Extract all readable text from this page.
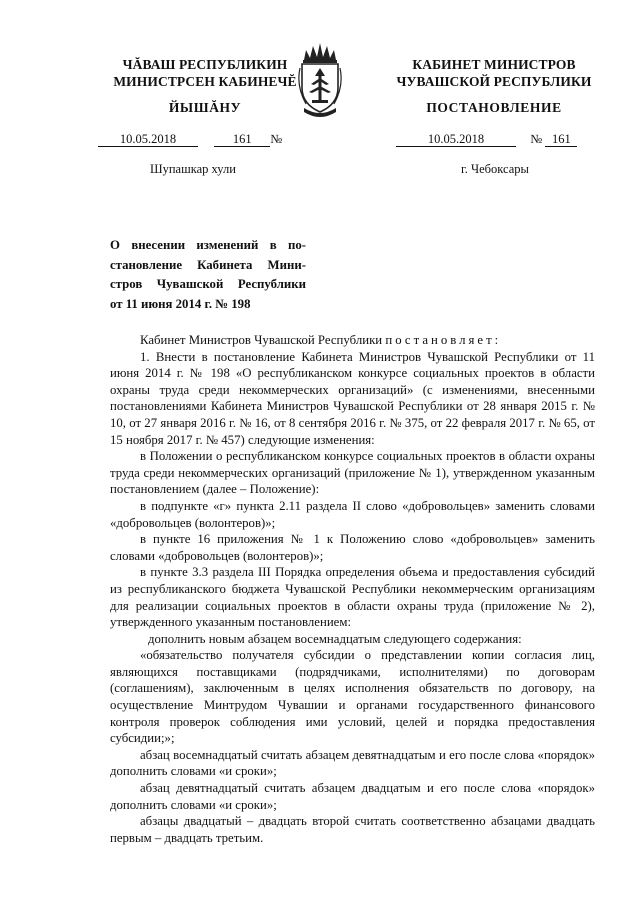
ЧĂВАШ РЕСПУБЛИКИН
МИНИСТРСЕН КАБИНЕЧĔ
ЙЫШĂНУ
10.05.2018	161 №
Шупашкар хули
КАБИНЕТ МИНИСТРОВ
ЧУВАШСКОЙ РЕСПУБЛИКИ
ПОСТАНОВЛЕНИЕ
10.05.2018	№ 161
г. Чебоксары
О внесении изменений в по-
становление Кабинета Мини-
стров Чувашской Республики
от 11 июня 2014 г. № 198

Кабинет Министров Чувашской Республики постановляет:

1. Внести в постановление Кабинета Министров Чувашской Республики от 11 июня 2014 г. № 198 «О республиканском конкурсе социальных проектов в области охраны труда среди некоммерческих организаций» (с изменениями, внесенными постановлениями Кабинета Министров Чувашской Республики от 28 января 2015 г. № 10, от 27 января 2016 г. № 16, от 8 сентября 2016 г. № 375, от 22 февраля 2017 г. № 65, от 15 ноября 2017 г. № 457) следующие изменения:

в Положении о республиканском конкурсе социальных проектов в области охраны труда среди некоммерческих организаций (приложение № 1), утвержденном указанным постановлением (далее – Положение):

в подпункте «г» пункта 2.11 раздела II слово «добровольцев» заменить словами «добровольцев (волонтеров)»;

в пункте 16 приложения № 1 к Положению слово «добровольцев» заменить словами «добровольцев (волонтеров)»;

в пункте 3.3 раздела III Порядка определения объема и предоставления субсидий из республиканского бюджета Чувашской Республики некоммерческим организациям для реализации социальных проектов в области охраны труда (приложение № 2), утвержденного указанным постановлением:

дополнить новым абзацем восемнадцатым следующего содержания:

«обязательство получателя субсидии о представлении копии согласия лиц, являющихся поставщиками (подрядчиками, исполнителями) по договорам (соглашениям), заключенным в целях исполнения обязательств по договору, на осуществление Минтрудом Чувашии и органами государственного финансового контроля проверок соблюдения ими условий, целей и порядка предоставления субсидии;»;

абзац восемнадцатый считать абзацем девятнадцатым и его после слова «порядок» дополнить словами «и сроки»;

абзац девятнадцатый считать абзацем двадцатым и его после слова «порядок» дополнить словами «и сроки»;

абзацы двадцатый – двадцать второй считать соответственно абзацами двадцать первым – двадцать третьим.
